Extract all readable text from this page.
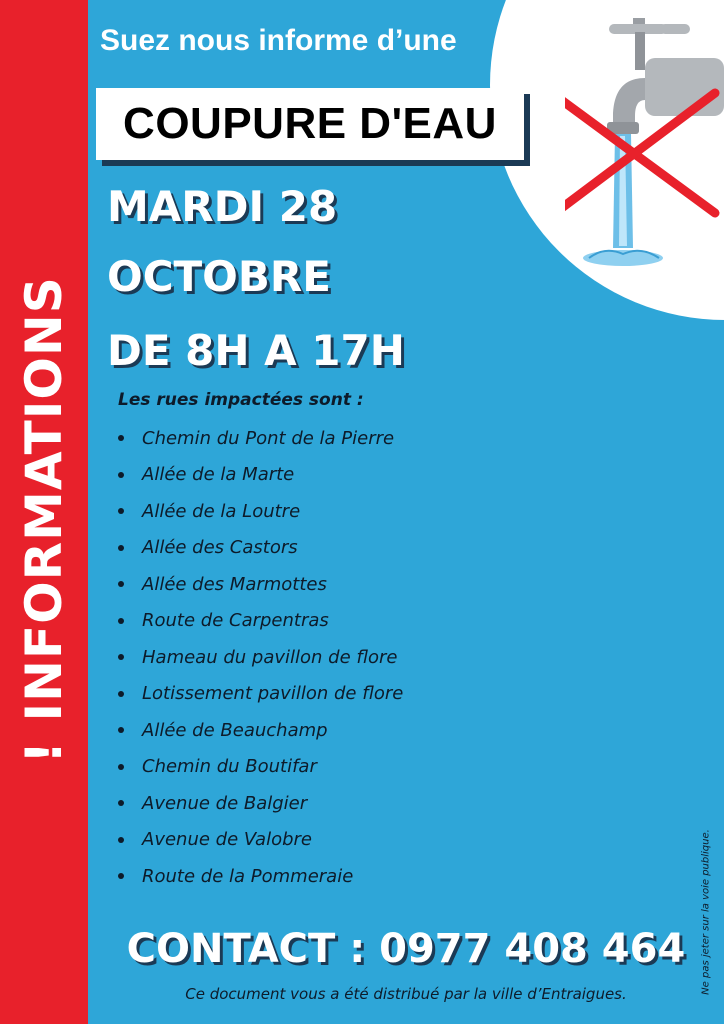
! INFORMATIONS
Suez nous informe d’une
COUPURE D'EAU
MARDI 28
OCTOBRE
DE 8H A 17H
Les rues impactées sont :
Chemin du Pont de la Pierre
Allée de la Marte
Allée de la Loutre
Allée des Castors
Allée des Marmottes
Route de Carpentras
Hameau du pavillon de flore
Lotissement pavillon de flore
Allée de Beauchamp
Chemin du Boutifar
Avenue de Balgier
Avenue de Valobre
Route de la Pommeraie
CONTACT : 0977 408 464
Ce document vous a été distribué par la ville d’Entraigues.	Ne pas jeter sur la voie publique.
